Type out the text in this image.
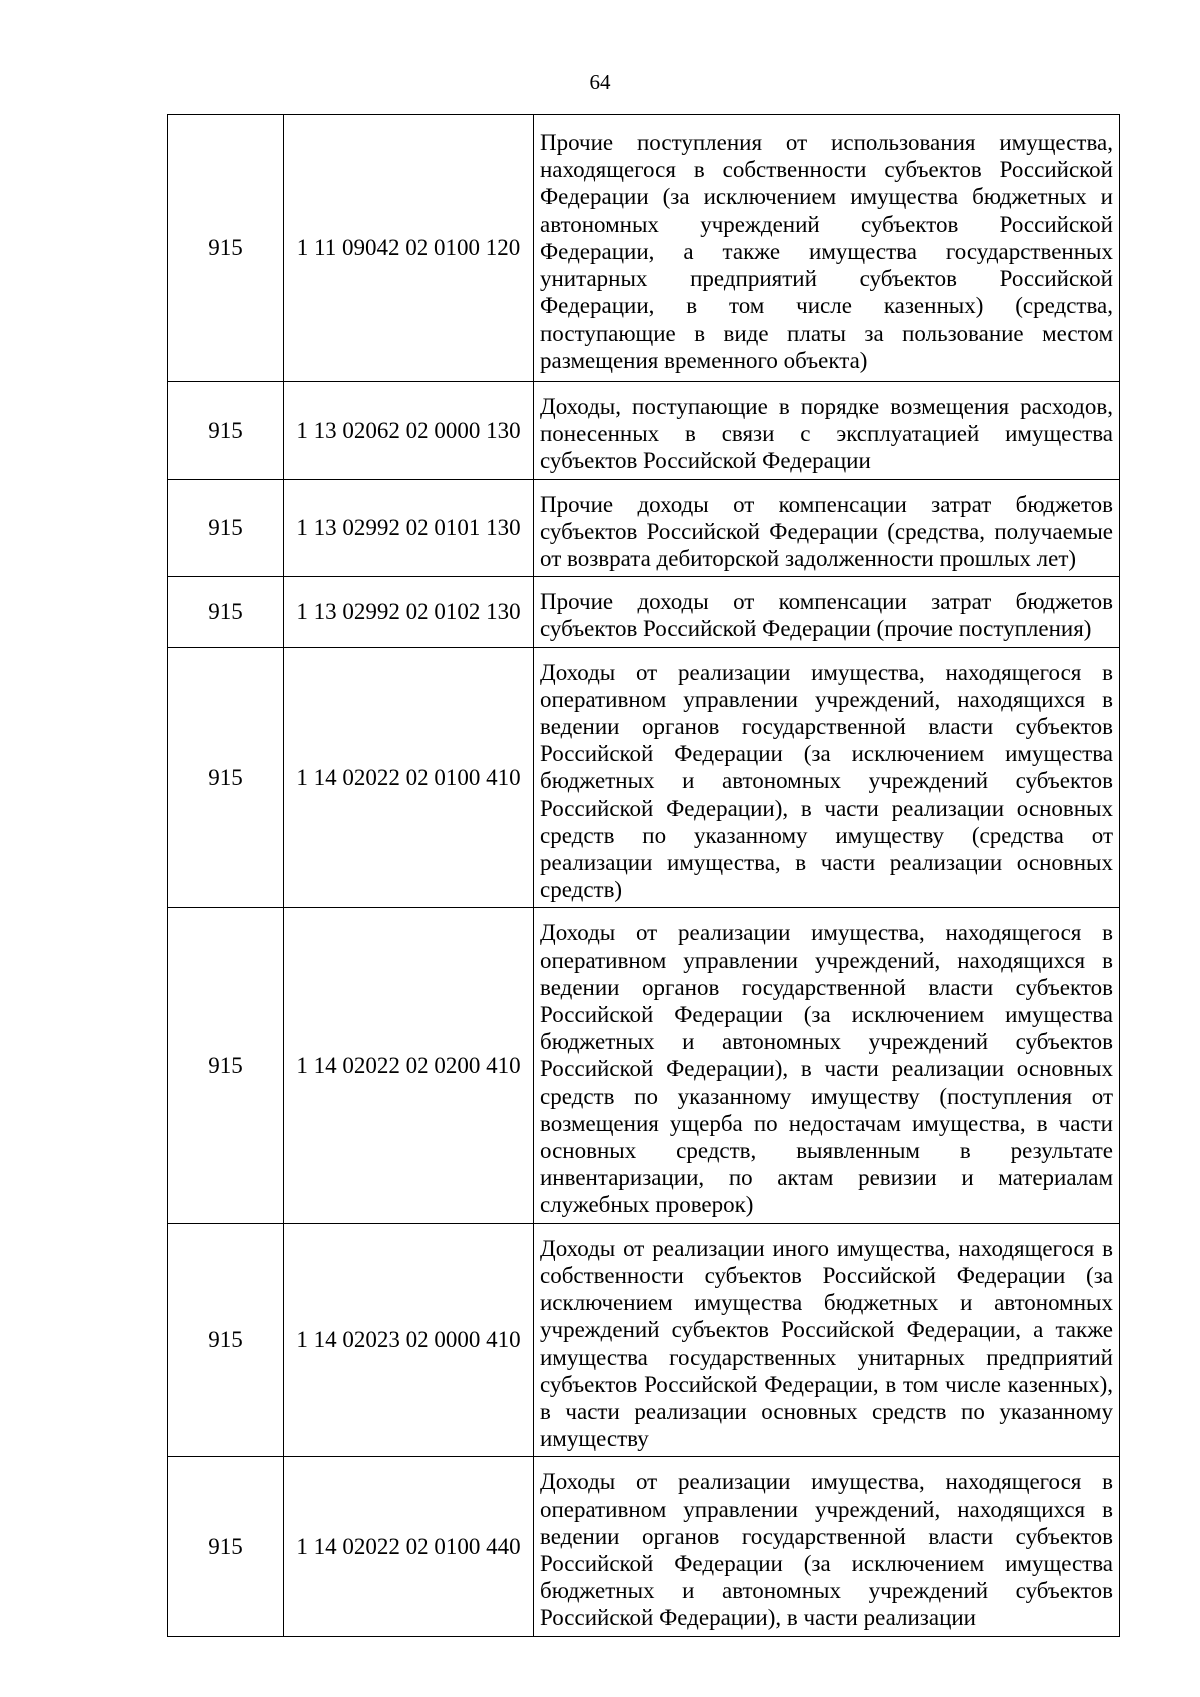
64
915	1 11 09042 02 0100 120	Прочие поступления от использования имущества, находящегося в собственности субъектов Российской Федерации (за исключением имущества бюджетных и автономных учреждений субъектов Российской Федерации, а также имущества государственных унитарных предприятий субъектов Российской Федерации, в том числе казенных) (средства, поступающие в виде платы за пользование местом размещения временного объекта)
915	1 13 02062 02 0000 130	Доходы, поступающие в порядке возмещения расходов, понесенных в связи с эксплуатацией имущества субъектов Российской Федерации
915	1 13 02992 02 0101 130	Прочие доходы от компенсации затрат бюджетов субъектов Российской Федерации (средства, получаемые от возврата дебиторской задолженности прошлых лет)
915	1 13 02992 02 0102 130	Прочие доходы от компенсации затрат бюджетов субъектов Российской Федерации (прочие поступления)
915	1 14 02022 02 0100 410	Доходы от реализации имущества, находящегося в оперативном управлении учреждений, находящихся в ведении органов государственной власти субъектов Российской Федерации (за исключением имущества бюджетных и автономных учреждений субъектов Российской Федерации), в части реализации основных средств по указанному имуществу (средства от реализации имущества, в части реализации основных средств)
915	1 14 02022 02 0200 410	Доходы от реализации имущества, находящегося в оперативном управлении учреждений, находящихся в ведении органов государственной власти субъектов Российской Федерации (за исключением имущества бюджетных и автономных учреждений субъектов Российской Федерации), в части реализации основных средств по указанному имуществу (поступления от возмещения ущерба по недостачам имущества, в части основных средств, выявленным в результате инвентаризации, по актам ревизии и материалам служебных проверок)
915	1 14 02023 02 0000 410	Доходы от реализации иного имущества, находящегося в собственности субъектов Российской Федерации (за исключением имущества бюджетных и автономных учреждений субъектов Российской Федерации, а также имущества государственных унитарных предприятий субъектов Российской Федерации, в том числе казенных), в части реализации основных средств по указанному имуществу
915	1 14 02022 02 0100 440	Доходы от реализации имущества, находящегося в оперативном управлении учреждений, находящихся в ведении органов государственной власти субъектов Российской Федерации (за исключением имущества бюджетных и автономных учреждений субъектов Российской Федерации), в части реализации
